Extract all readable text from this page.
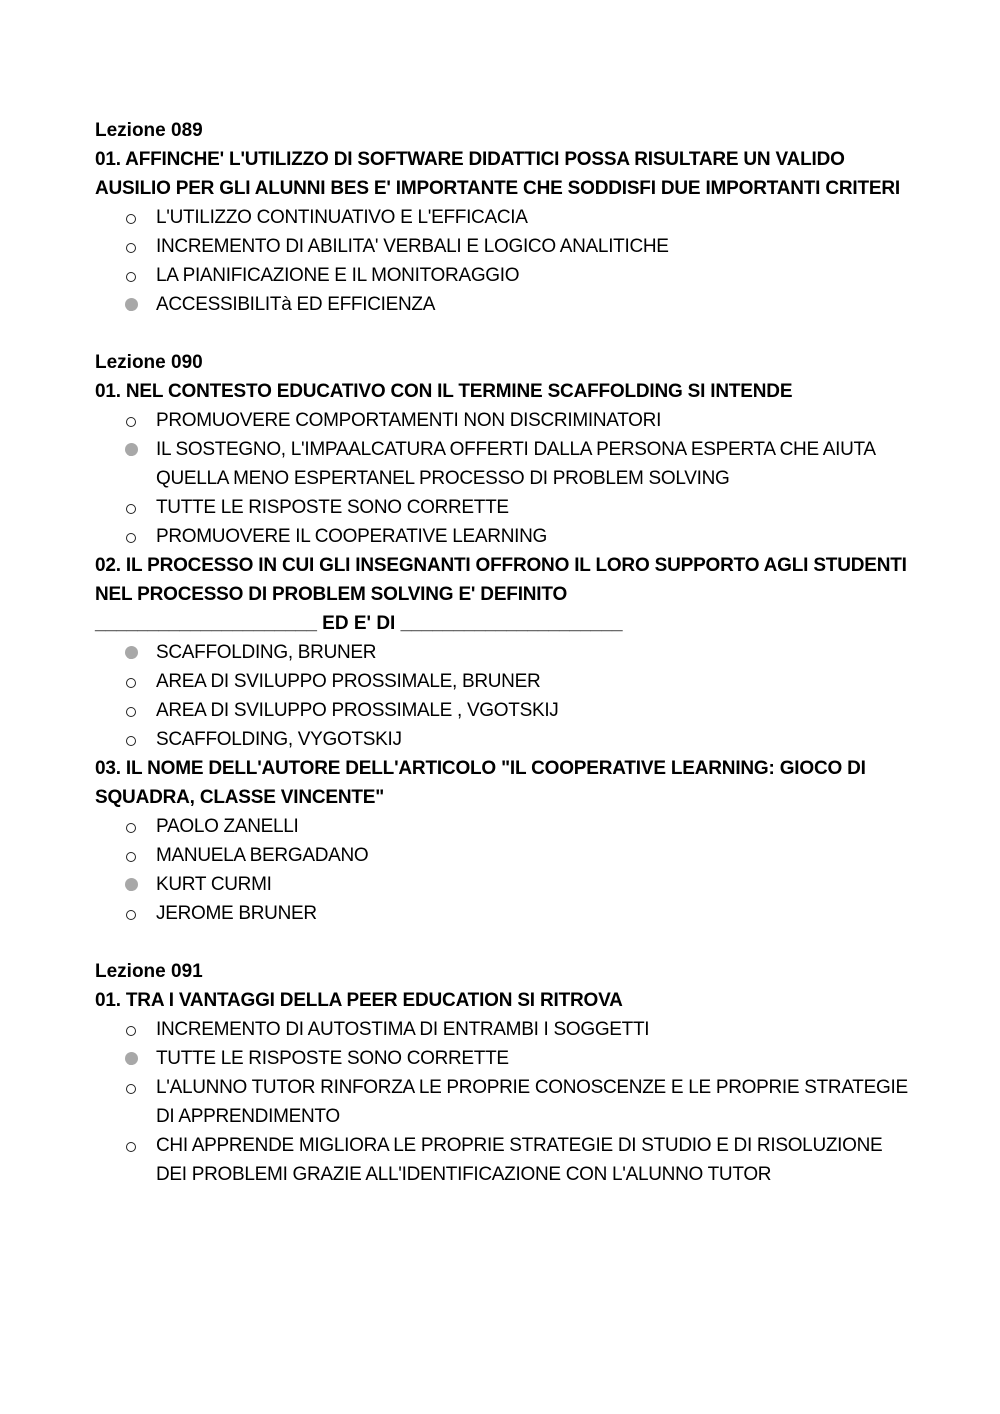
Lezione 089
01. AFFINCHE' L'UTILIZZO DI SOFTWARE DIDATTICI POSSA RISULTARE UN VALIDO AUSILIO PER GLI ALUNNI BES E' IMPORTANTE CHE SODDISFI DUE IMPORTANTI CRITERI
L'UTILIZZO CONTINUATIVO E L'EFFICACIA
INCREMENTO DI ABILITA' VERBALI E LOGICO ANALITICHE
LA PIANIFICAZIONE E IL MONITORAGGIO
ACCESSIBILITà ED EFFICIENZA
Lezione 090
01. NEL CONTESTO EDUCATIVO CON IL TERMINE SCAFFOLDING SI INTENDE
PROMUOVERE COMPORTAMENTI NON DISCRIMINATORI
IL SOSTEGNO, L'IMPAALCATURA OFFERTI DALLA PERSONA ESPERTA CHE AIUTA QUELLA MENO ESPERTANEL PROCESSO DI PROBLEM SOLVING
TUTTE LE RISPOSTE SONO CORRETTE
PROMUOVERE IL COOPERATIVE LEARNING
02. IL PROCESSO IN CUI GLI INSEGNANTI OFFRONO IL LORO SUPPORTO AGLI STUDENTI NEL PROCESSO DI PROBLEM SOLVING E' DEFINITO
_____________________ ED E' DI _____________________
SCAFFOLDING, BRUNER
AREA DI SVILUPPO PROSSIMALE, BRUNER
AREA DI SVILUPPO PROSSIMALE , VGOTSKIJ
SCAFFOLDING, VYGOTSKIJ
03. IL NOME DELL'AUTORE DELL'ARTICOLO "IL COOPERATIVE LEARNING: GIOCO DI SQUADRA, CLASSE VINCENTE"
PAOLO ZANELLI
MANUELA BERGADANO
KURT CURMI
JEROME BRUNER
Lezione 091
01. TRA I VANTAGGI DELLA PEER EDUCATION SI RITROVA
INCREMENTO DI AUTOSTIMA DI ENTRAMBI I SOGGETTI
TUTTE LE RISPOSTE SONO CORRETTE
L'ALUNNO TUTOR RINFORZA LE PROPRIE CONOSCENZE E LE PROPRIE STRATEGIE DI APPRENDIMENTO
CHI APPRENDE MIGLIORA LE PROPRIE STRATEGIE DI STUDIO E DI RISOLUZIONE DEI PROBLEMI GRAZIE ALL'IDENTIFICAZIONE CON L'ALUNNO TUTOR
